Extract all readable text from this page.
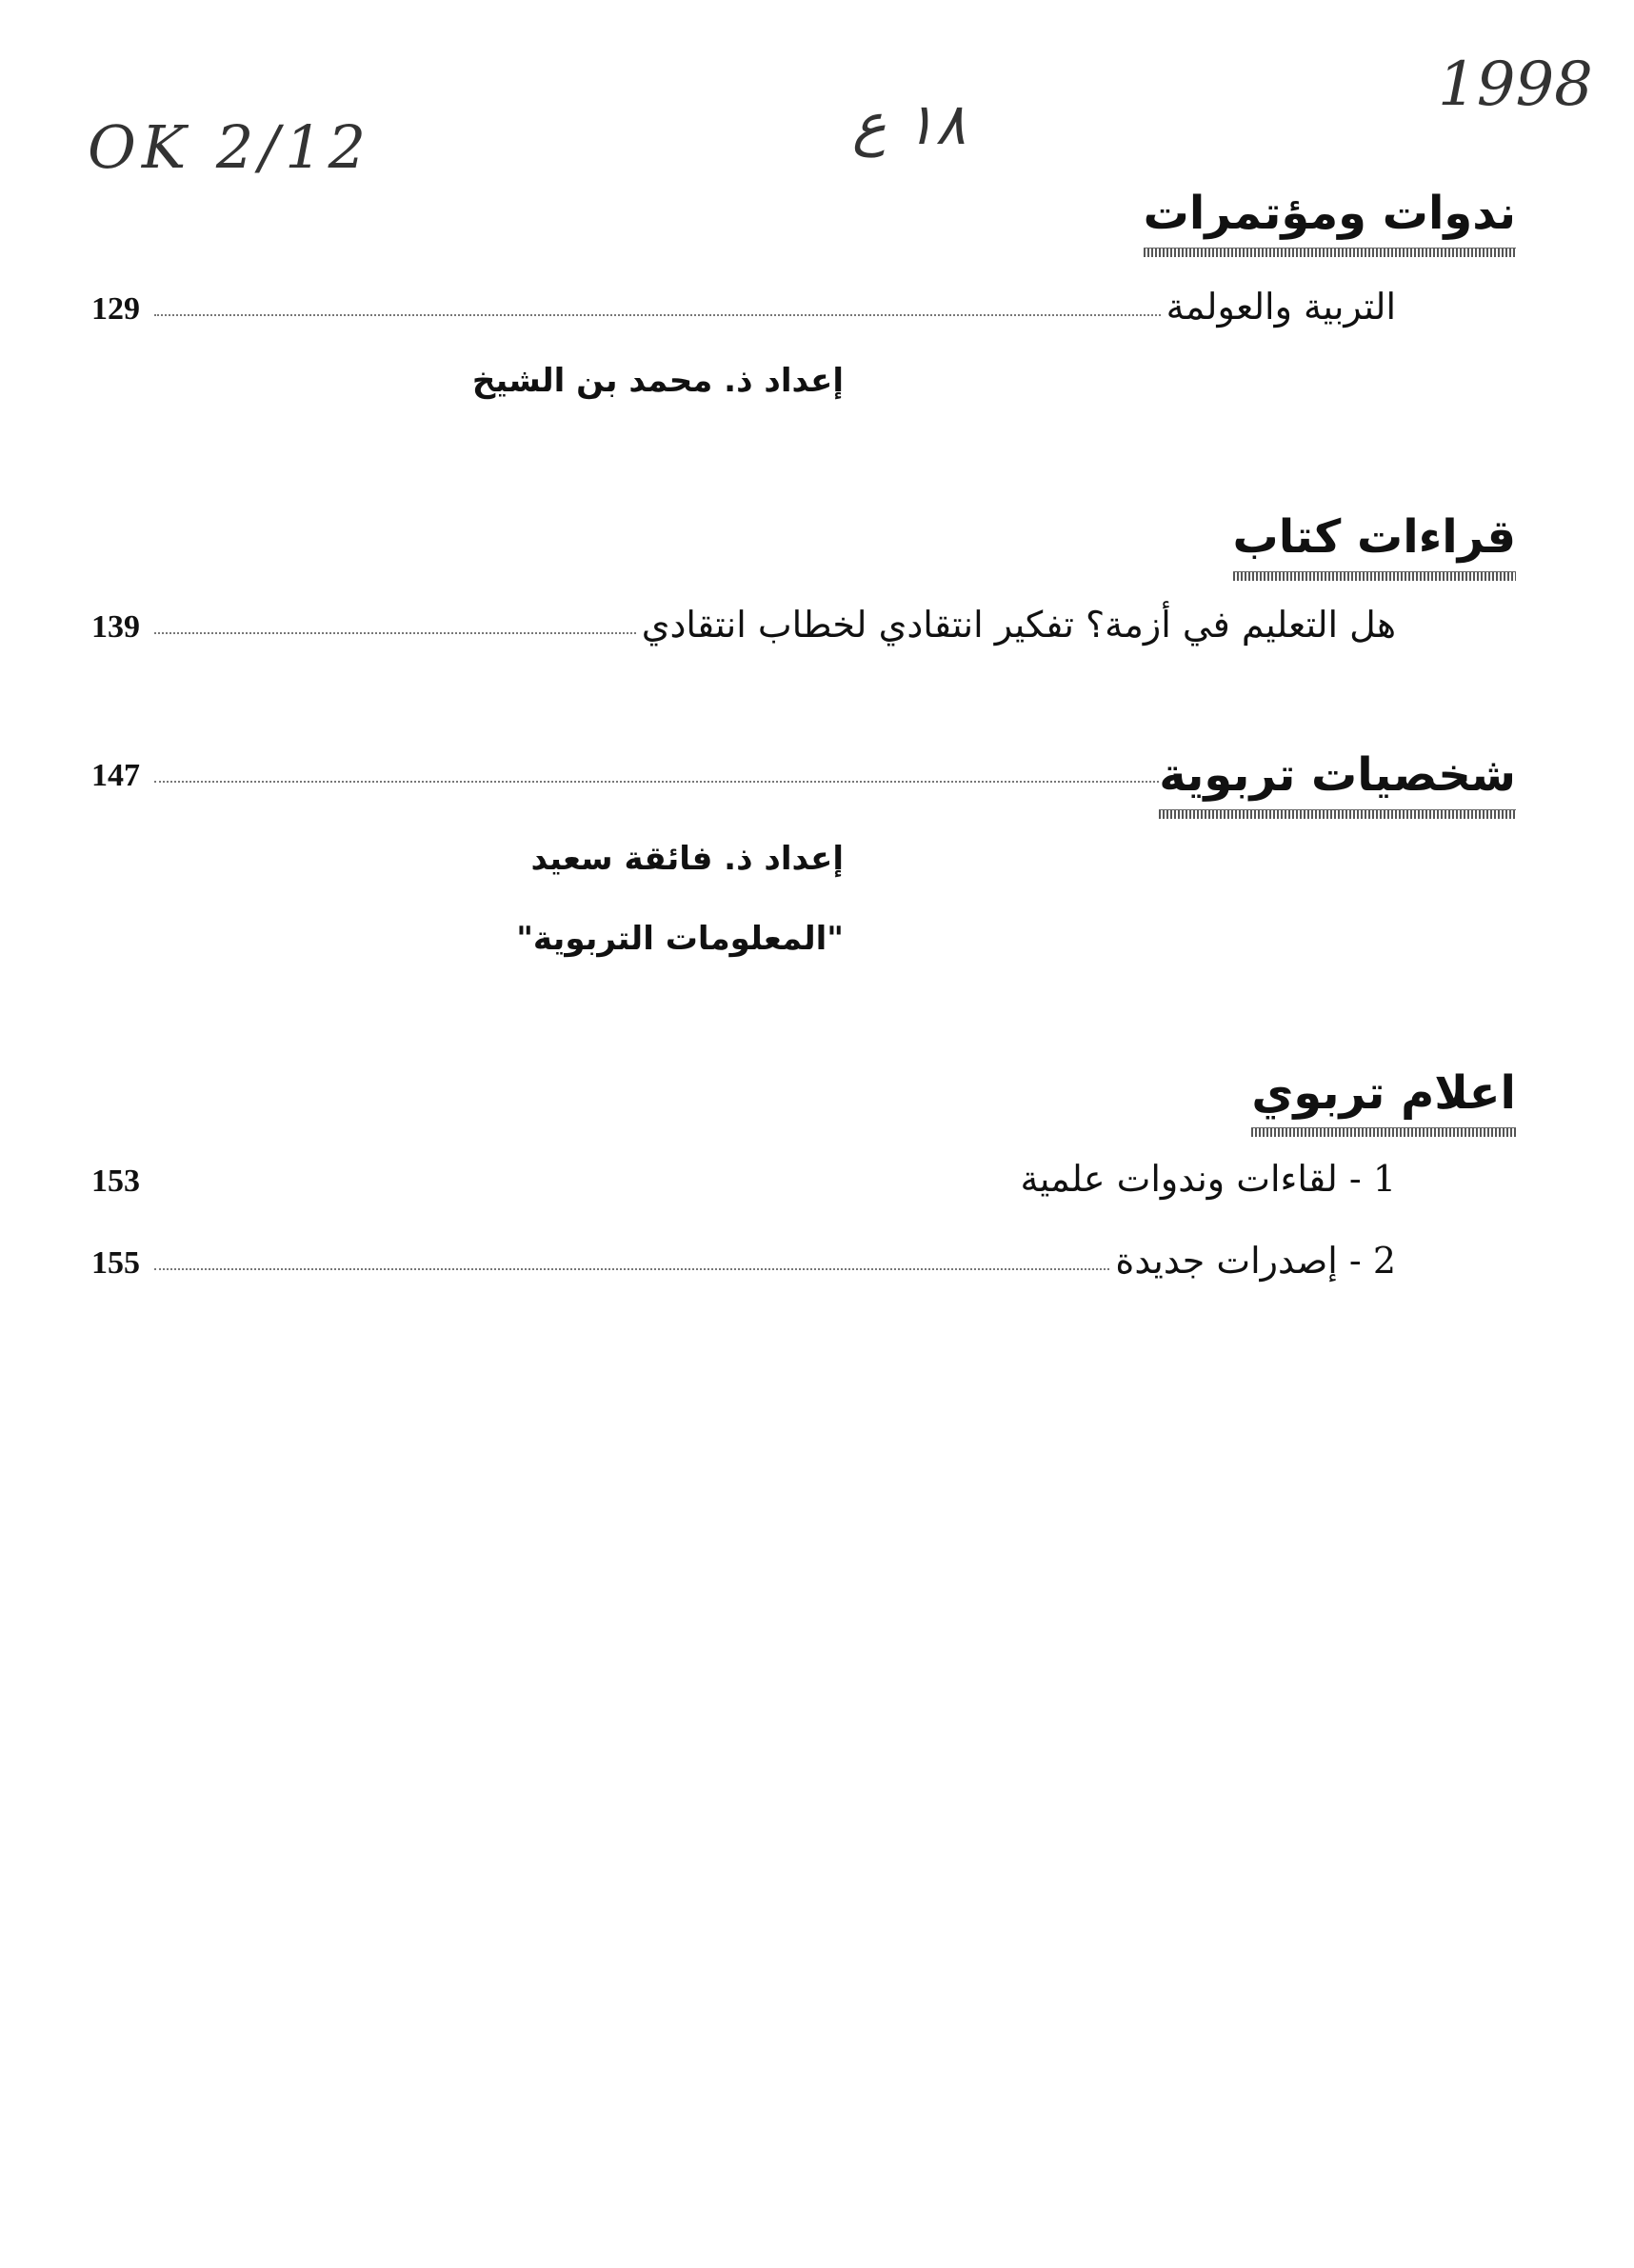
OK 2/12	١٨ ع
1998
ندوات ومؤتمرات
التربية والعولمة
129
إعداد ذ. محمد بن الشيخ
قراءات كتاب
هل التعليم في أزمة؟ تفكير انتقادي لخطاب انتقادي
139
شخصيات تربوية
147
إعداد ذ. فائقة سعيد
"المعلومات التربوية"
اعلام تربوي
1 - لقاءات وندوات علمية
153
2 - إصدرات جديدة
155
